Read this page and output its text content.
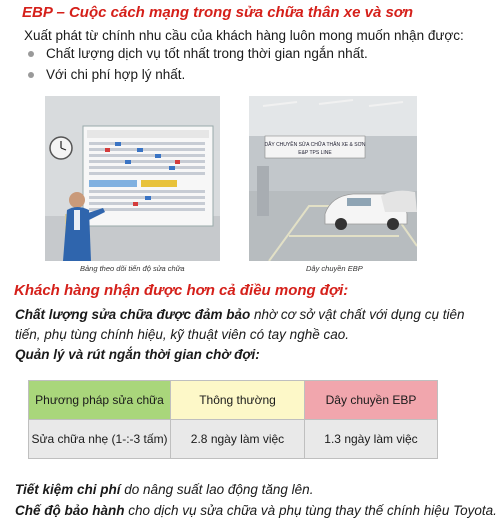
EBP – Cuộc cách mạng trong sửa chữa thân xe và sơn
Xuất phát từ chính nhu cầu của khách hàng luôn mong muốn nhận được:
Chất lượng dịch vụ tốt nhất trong thời gian ngắn nhất.
Với chi phí hợp lý nhất.
DÂY CHUYỀN SỬA CHỮA THÂN XE & SƠN
E&P TPS LINE
Bảng theo dõi tiến độ sửa chữa	Dây chuyền EBP
Khách hàng nhận được hơn cả điều mong đợi:
Chất lượng sửa chữa được đảm bảo nhờ cơ sở vật chất với dụng cụ tiên tiến, phụ tùng chính hiệu, kỹ thuật viên có tay nghề cao.
Quản lý và rút ngắn thời gian chờ đợi:
Phương pháp sửa chữa	Thông thường	Dây chuyền EBP
Sửa chữa nhẹ (1-:-3 tấm)	2.8 ngày làm việc	1.3 ngày làm việc
Tiết kiệm chi phí do nâng suất lao động tăng lên.
Chế độ bảo hành cho dịch vụ sửa chữa và phụ tùng thay thế chính hiệu Toyota.
